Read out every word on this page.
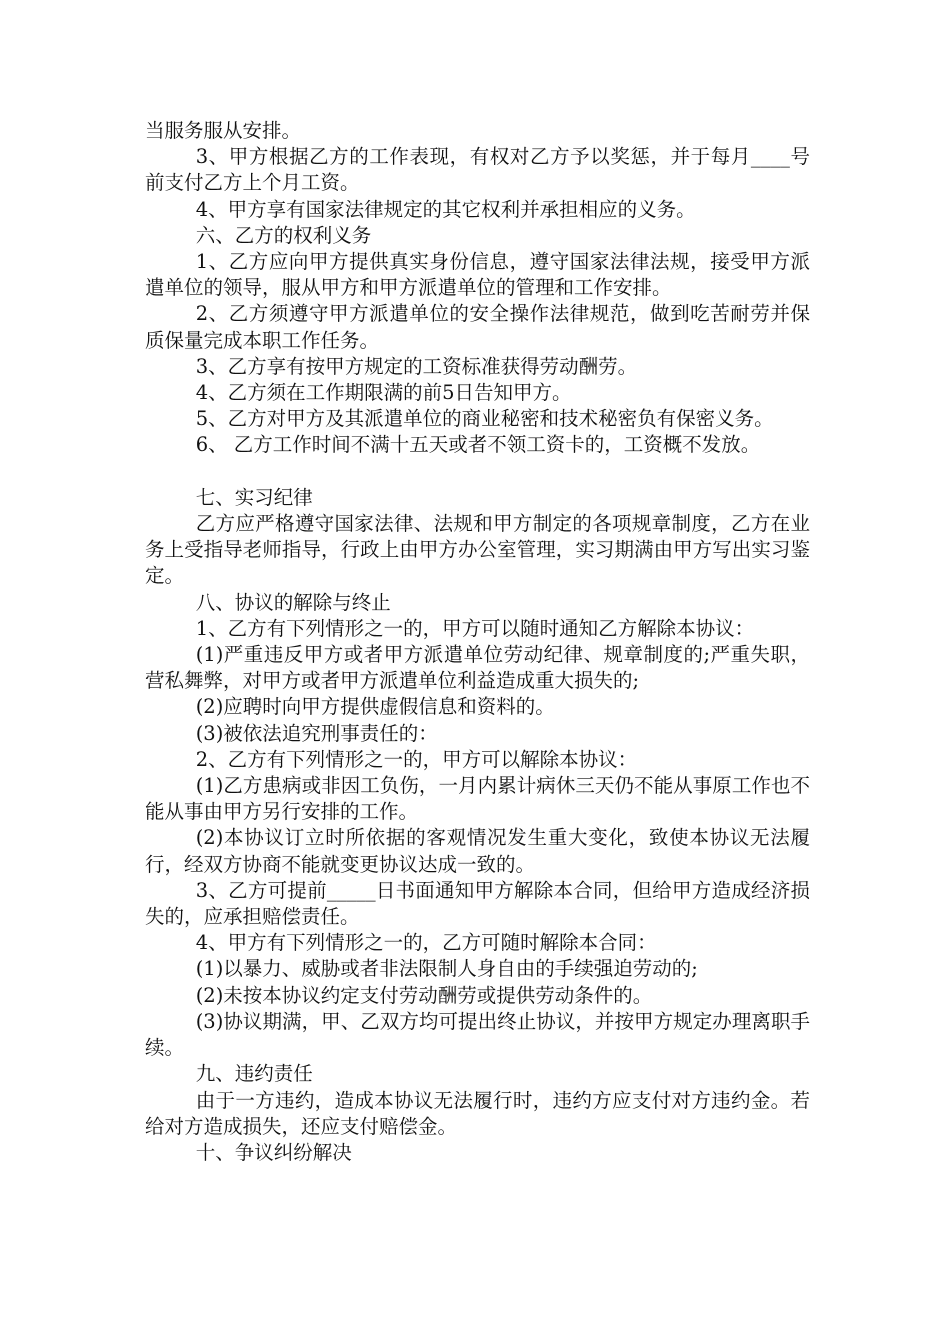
当服务服从安排。

3、甲方根据乙方的工作表现，有权对乙方予以奖惩，并于每月____号前支付乙方上个月工资。

4、甲方享有国家法律规定的其它权利并承担相应的义务。

六、乙方的权利义务

1、乙方应向甲方提供真实身份信息，遵守国家法律法规，接受甲方派遣单位的领导，服从甲方和甲方派遣单位的管理和工作安排。

2、乙方须遵守甲方派遣单位的安全操作法律规范，做到吃苦耐劳并保质保量完成本职工作任务。

3、乙方享有按甲方规定的工资标准获得劳动酬劳。

4、乙方须在工作期限满的前5日告知甲方。

5、乙方对甲方及其派遣单位的商业秘密和技术秘密负有保密义务。

6、 乙方工作时间不满十五天或者不领工资卡的，工资概不发放。

七、实习纪律

乙方应严格遵守国家法律、法规和甲方制定的各项规章制度，乙方在业务上受指导老师指导，行政上由甲方办公室管理，实习期满由甲方写出实习鉴定。

八、协议的解除与终止

1、乙方有下列情形之一的，甲方可以随时通知乙方解除本协议：

(1)严重违反甲方或者甲方派遣单位劳动纪律、规章制度的;严重失职，营私舞弊，对甲方或者甲方派遣单位利益造成重大损失的;

(2)应聘时向甲方提供虚假信息和资料的。

(3)被依法追究刑事责任的：

2、乙方有下列情形之一的，甲方可以解除本协议：

(1)乙方患病或非因工负伤，一月内累计病休三天仍不能从事原工作也不能从事由甲方另行安排的工作。

(2)本协议订立时所依据的客观情况发生重大变化，致使本协议无法履行，经双方协商不能就变更协议达成一致的。

3、乙方可提前_____日书面通知甲方解除本合同，但给甲方造成经济损失的，应承担赔偿责任。

4、甲方有下列情形之一的，乙方可随时解除本合同：

(1)以暴力、威胁或者非法限制人身自由的手续强迫劳动的;

(2)未按本协议约定支付劳动酬劳或提供劳动条件的。

(3)协议期满，甲、乙双方均可提出终止协议，并按甲方规定办理离职手续。

九、违约责任

由于一方违约，造成本协议无法履行时，违约方应支付对方违约金。若给对方造成损失，还应支付赔偿金。

十、争议纠纷解决
